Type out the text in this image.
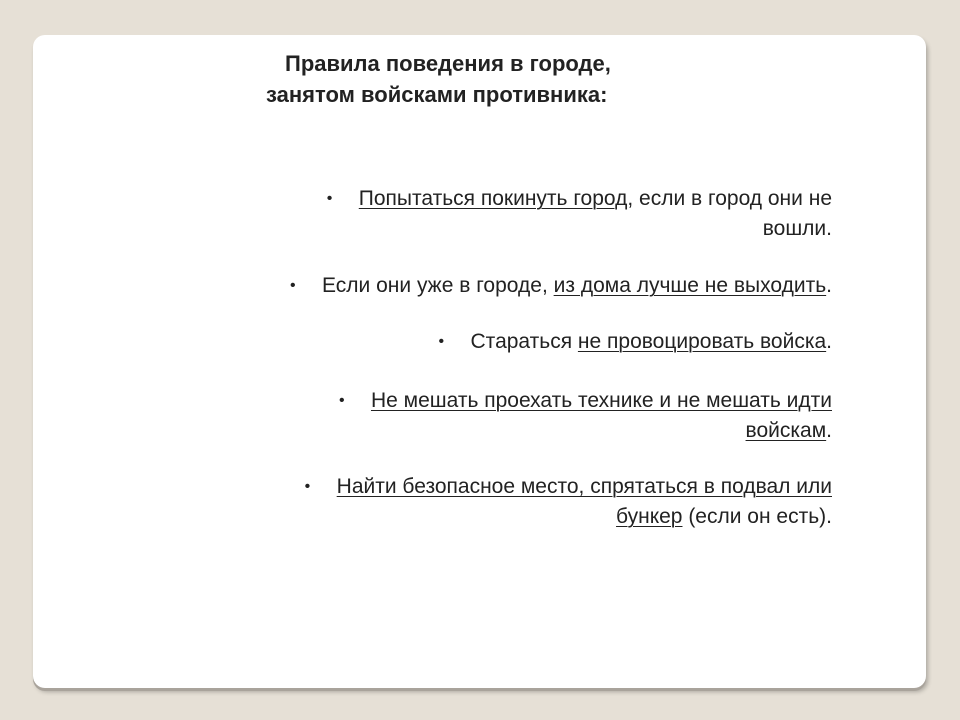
Правила поведения в городе,
занятом войсками противника:
• Попытаться покинуть город, если в город они не
вошли.
• Если они уже в городе, из дома лучше не выходить.
• Стараться не провоцировать войска.
• Не мешать проехать технике и не мешать идти
войскам.
• Найти безопасное место, спрятаться в подвал или
бункер (если он есть).
